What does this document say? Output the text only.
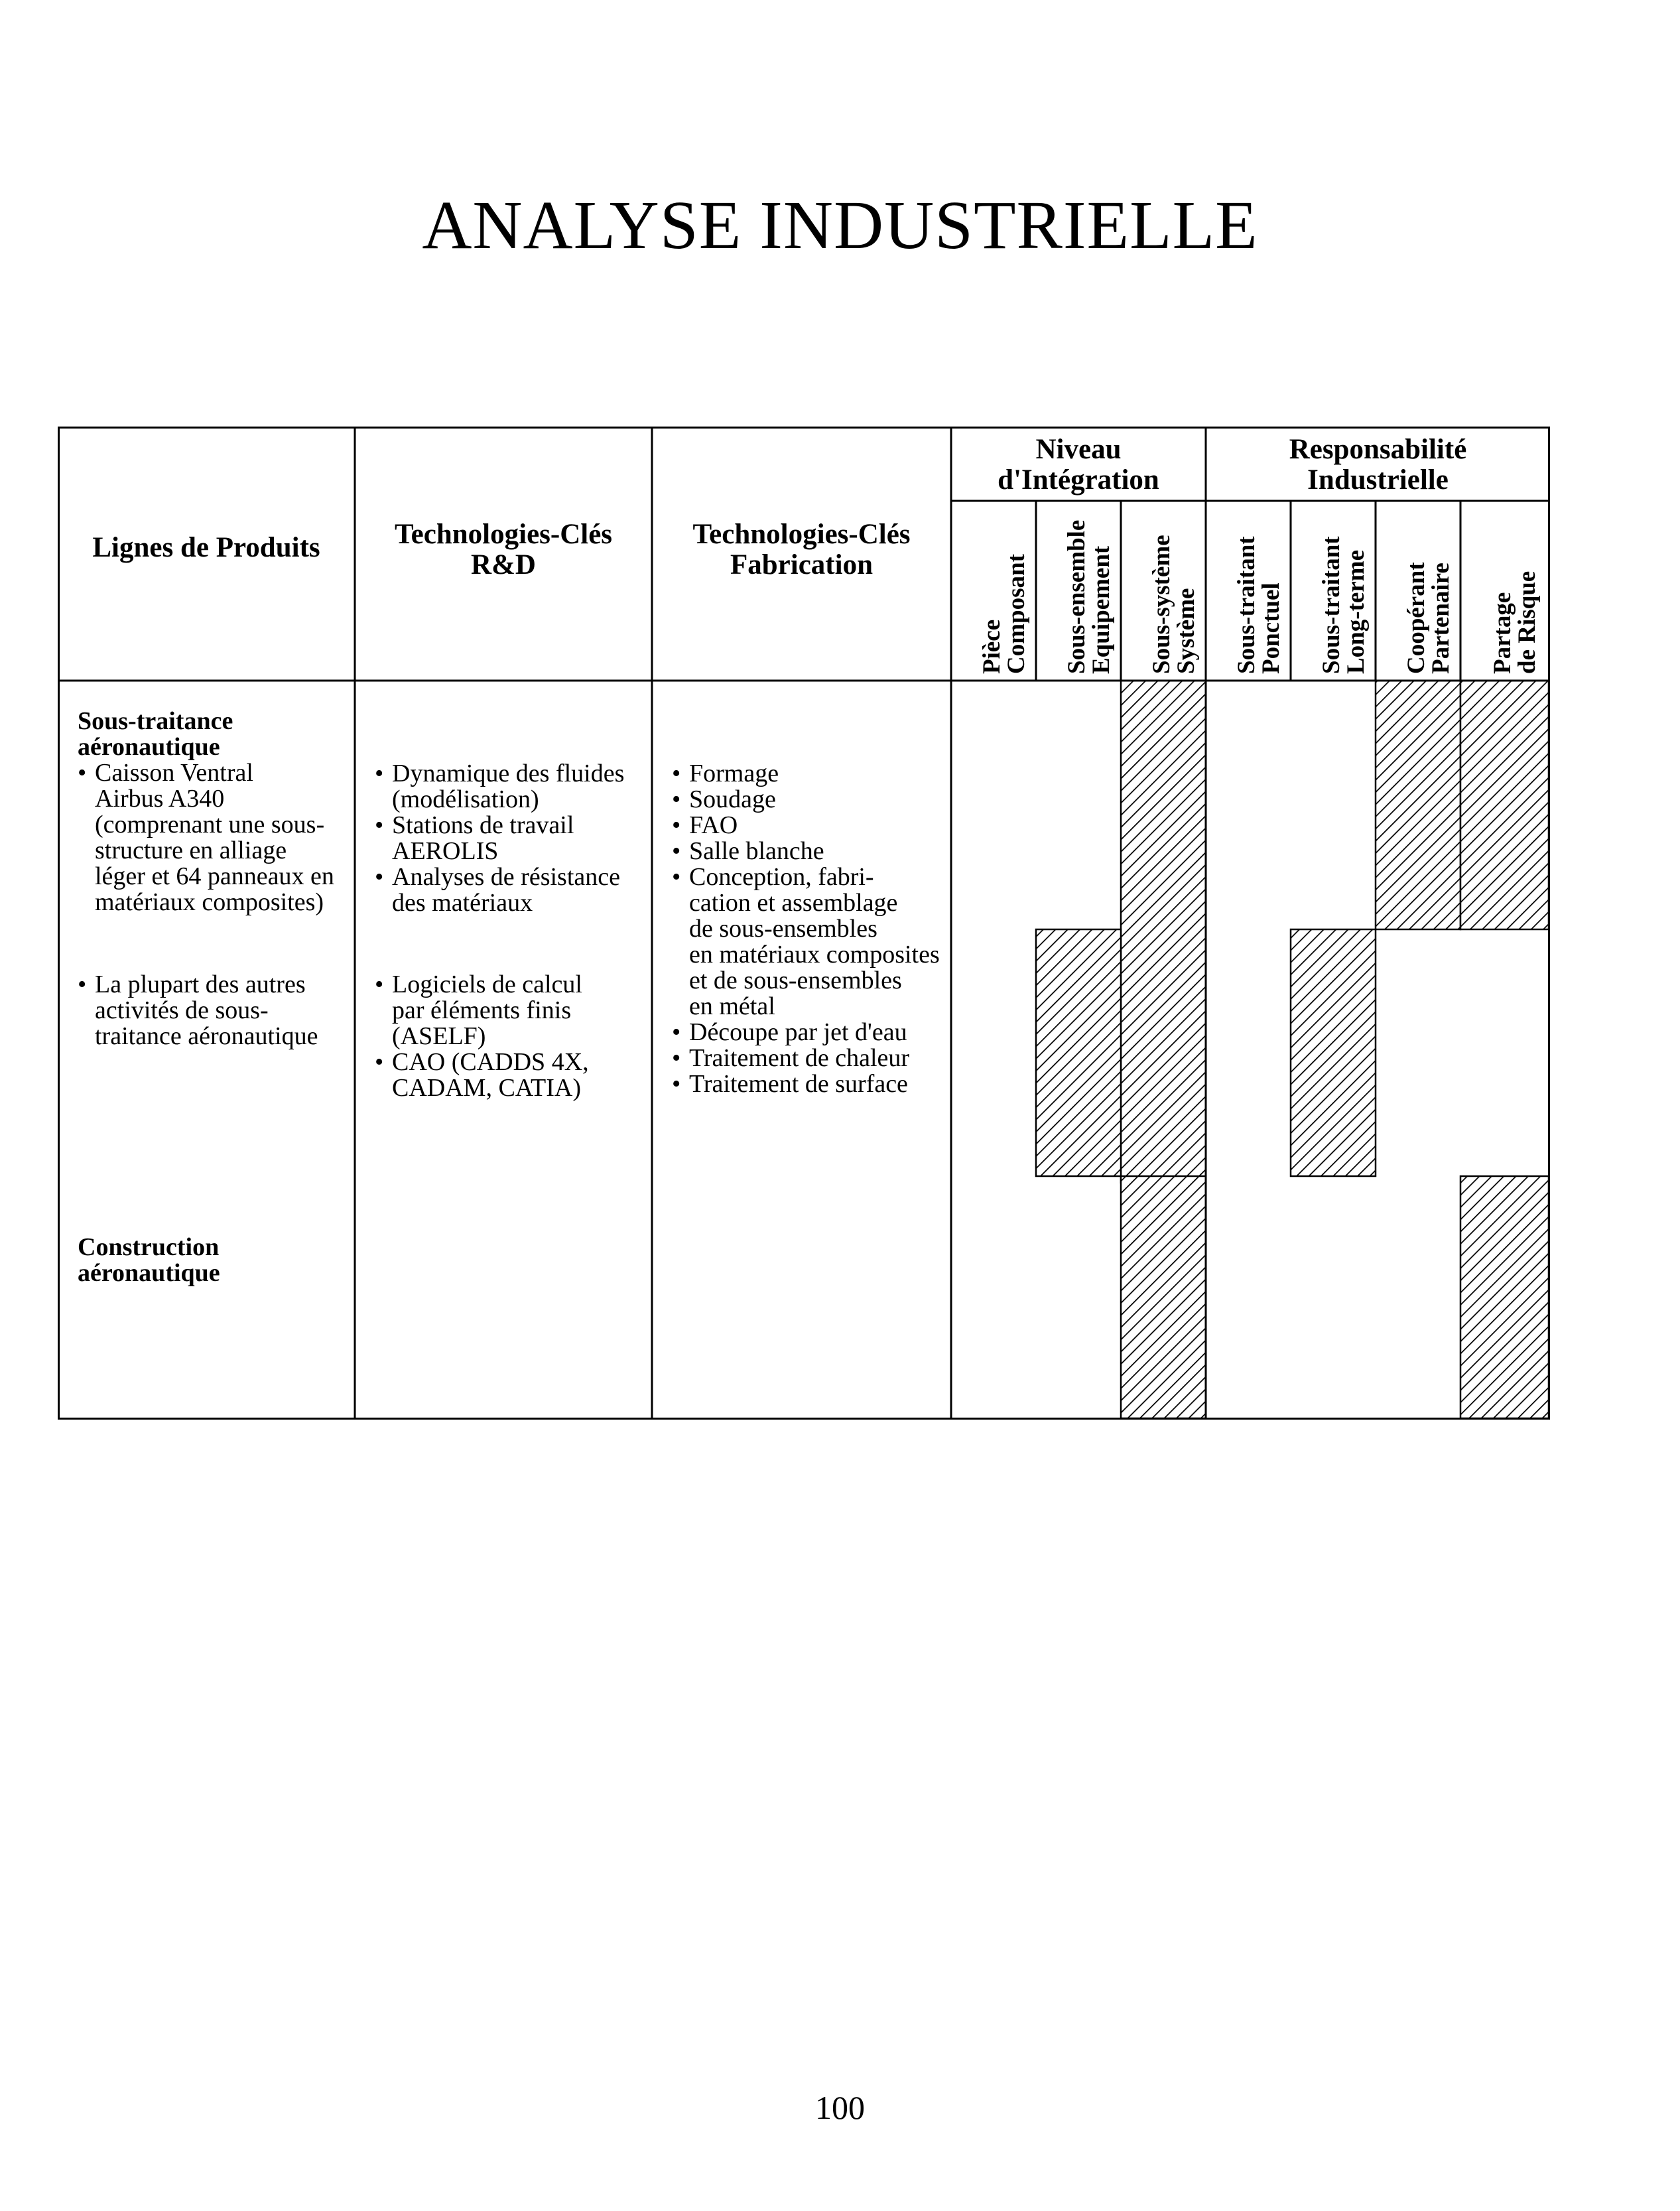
ANALYSE INDUSTRIELLE
Lignes de Produits	Technologies-Clés
R&D
Technologies-Clés
Fabrication
Niveau
d'Intégration
Responsabilité
Industrielle
Pièce
Composant Sous-ensemble
Equipement Sous-système
Système Sous-traitant
Ponctuel Sous-traitant
Long-terme Coopérant
Partenaire Partage
de Risque
Sous-traitance
aéronautique
• Caisson Ventral
Airbus A340
(comprenant une sous-
structure en alliage
léger et 64 panneaux en
matériaux composites)
• La plupart des autres
activités de sous-
traitance aéronautique
Construction
aéronautique
• Dynamique des fluides
(modélisation)
• Stations de travail
AEROLIS
• Analyses de résistance
des matériaux
• Logiciels de calcul
par éléments finis
(ASELF)
• CAO (CADDS 4X,
CADAM, CATIA)
• Formage
• Soudage
• FAO
• Salle blanche
• Conception, fabri-
cation et assemblage
de sous-ensembles
en matériaux composites
et de sous-ensembles
en métal
• Découpe par jet d'eau
• Traitement de chaleur
• Traitement de surface
100
